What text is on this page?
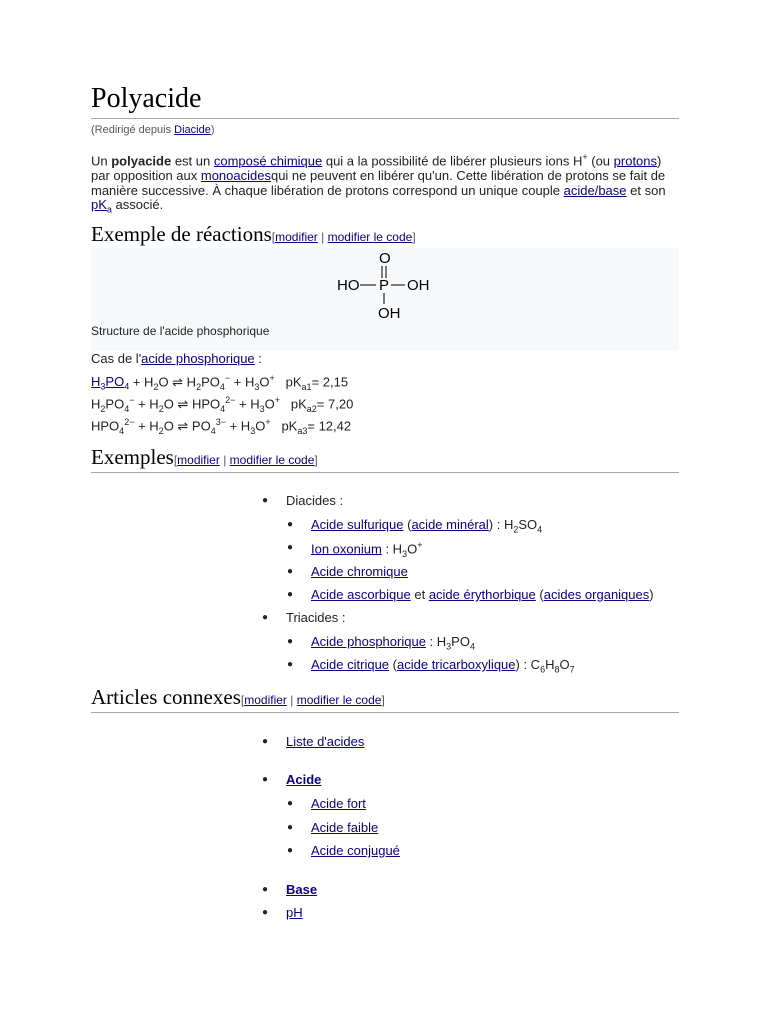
Polyacide
(Redirigé depuis Diacide)
Un polyacide est un composé chimique qui a la possibilité de libérer plusieurs ions H+ (ou protons) par opposition aux monoacidesqui ne peuvent en libérer qu'un. Cette libération de protons se fait de manière successive. À chaque libération de protons correspond un unique couple acide/base et son $pK_a$ associé.
Exemple de réactions[modifier | modifier le code]
O
HO P OH
OH
Structure de l'acide phosphorique
Cas de l'acide phosphorique :
$H_3PO_4 + H_2O$ ⇌ $H_2PO_4^- + H_3O^+$ $pK_{a1}= 2,15$
$H_2PO_4^- + H_2O$ ⇌ $HPO_4^{2-} + H_3O^+$ $pK_{a2}= 7,20$
$HPO_4^{2-} + H_2O$ ⇌ $PO_4^{3-} + H_3O^+$ $pK_{a3}= 12,42$
Exemples[modifier | modifier le code]
● Diacides :
● Acide sulfurique (acide minéral) : $H_2SO_4$
● Ion oxonium : $H_3O^+$
● Acide chromique
● Acide ascorbique et acide érythorbique (acides organiques)
● Triacides :
● Acide phosphorique : $H_3PO_4$
● Acide citrique (acide tricarboxylique) : $C_6H_8O_7$
Articles connexes[modifier | modifier le code]
● Liste d'acides
● Acide
● Acide fort
● Acide faible
● Acide conjugué
● Base
● pH
